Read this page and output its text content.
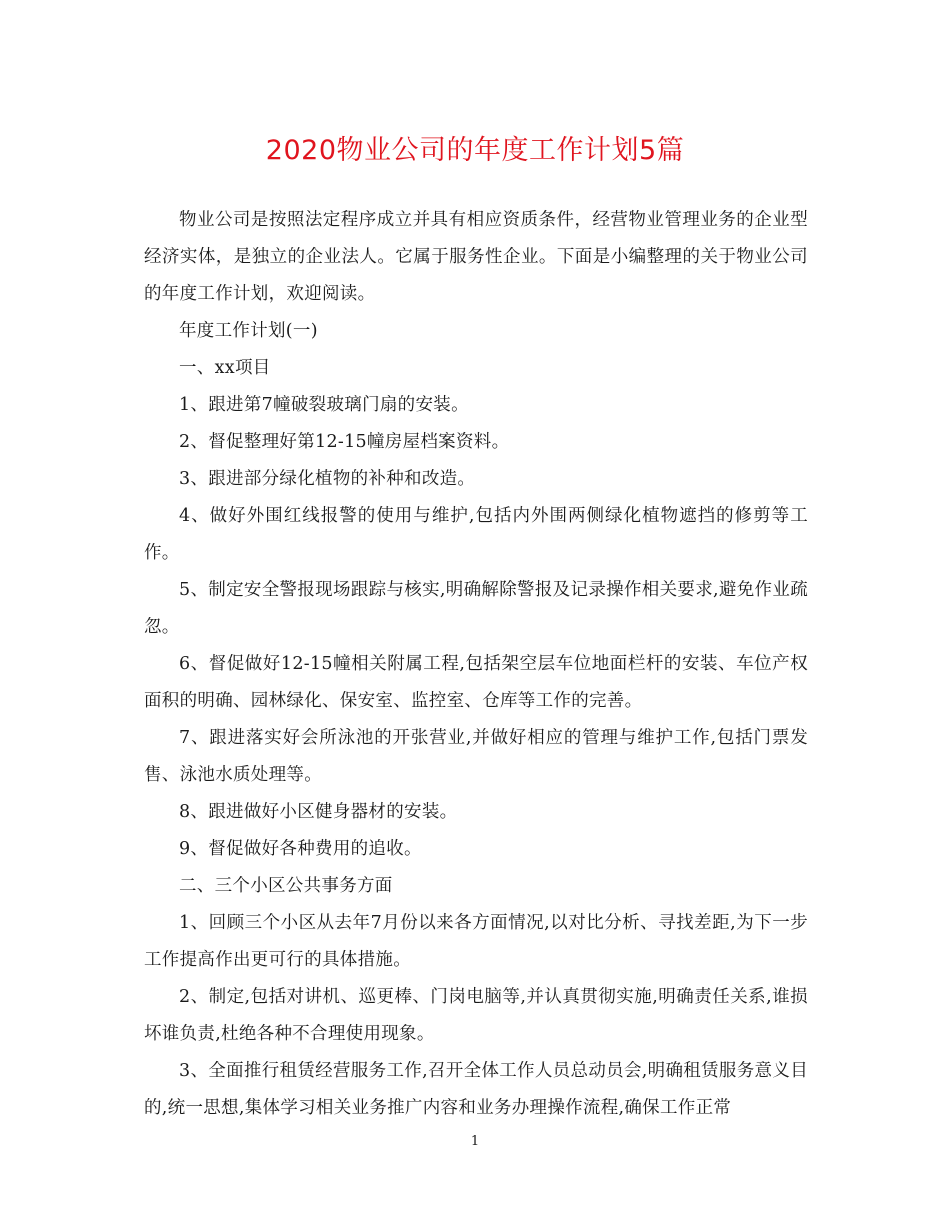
2020物业公司的年度工作计划5篇

物业公司是按照法定程序成立并具有相应资质条件，经营物业管理业务的企业型经济实体，是独立的企业法人。它属于服务性企业。下面是小编整理的关于物业公司的年度工作计划，欢迎阅读。

年度工作计划(一)

一、xx项目

1、跟进第7幢破裂玻璃门扇的安装。

2、督促整理好第12-15幢房屋档案资料。

3、跟进部分绿化植物的补种和改造。

4、做好外围红线报警的使用与维护,包括内外围两侧绿化植物遮挡的修剪等工作。

5、制定安全警报现场跟踪与核实,明确解除警报及记录操作相关要求,避免作业疏忽。

6、督促做好12-15幢相关附属工程,包括架空层车位地面栏杆的安装、车位产权面积的明确、园林绿化、保安室、监控室、仓库等工作的完善。

7、跟进落实好会所泳池的开张营业,并做好相应的管理与维护工作,包括门票发售、泳池水质处理等。

8、跟进做好小区健身器材的安装。

9、督促做好各种费用的追收。

二、三个小区公共事务方面

1、回顾三个小区从去年7月份以来各方面情况,以对比分析、寻找差距,为下一步工作提高作出更可行的具体措施。

2、制定,包括对讲机、巡更棒、门岗电脑等,并认真贯彻实施,明确责任关系,谁损坏谁负责,杜绝各种不合理使用现象。

3、全面推行租赁经营服务工作,召开全体工作人员总动员会,明确租赁服务意义目的,统一思想,集体学习相关业务推广内容和业务办理操作流程,确保工作正常

1
